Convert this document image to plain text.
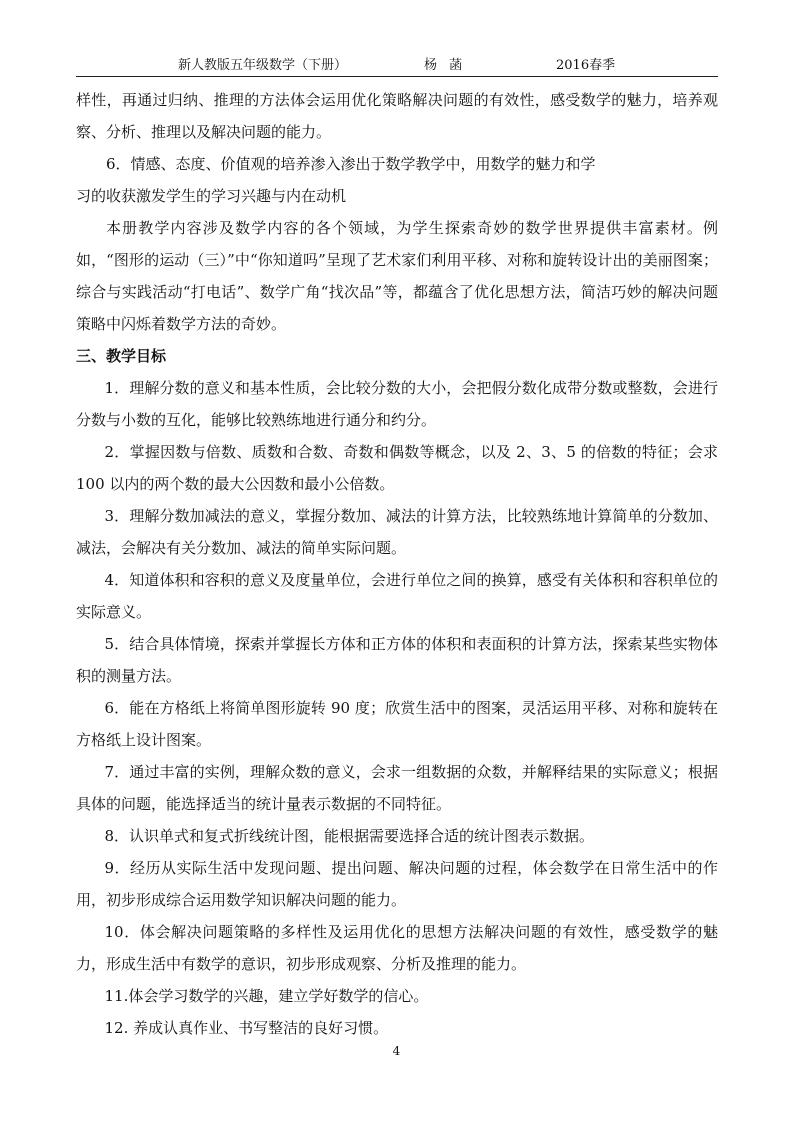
新人教版五年级数学（下册）	杨 菡	2016春季

样性，再通过归纳、推理的方法体会运用优化策略解决问题的有效性，感受数学的魅力，培养观察、分析、推理以及解决问题的能力。

6．情感、态度、价值观的培养渗入渗出于数学教学中，用数学的魅力和学

习的收获激发学生的学习兴趣与内在动机

本册教学内容涉及数学内容的各个领域，为学生探索奇妙的数学世界提供丰富素材。例如，“图形的运动（三）”中“你知道吗”呈现了艺术家们利用平移、对称和旋转设计出的美丽图案；综合与实践活动“打电话”、数学广角“找次品”等，都蕴含了优化思想方法，简洁巧妙的解决问题策略中闪烁着数学方法的奇妙。

三、教学目标

1．理解分数的意义和基本性质，会比较分数的大小，会把假分数化成带分数或整数，会进行分数与小数的互化，能够比较熟练地进行通分和约分。

2．掌握因数与倍数、质数和合数、奇数和偶数等概念，以及 2、3、5 的倍数的特征；会求 100 以内的两个数的最大公因数和最小公倍数。

3．理解分数加减法的意义，掌握分数加、减法的计算方法，比较熟练地计算简单的分数加、减法，会解决有关分数加、减法的简单实际问题。

4．知道体积和容积的意义及度量单位，会进行单位之间的换算，感受有关体积和容积单位的实际意义。

5．结合具体情境，探索并掌握长方体和正方体的体积和表面积的计算方法，探索某些实物体积的测量方法。

6．能在方格纸上将简单图形旋转 90 度；欣赏生活中的图案，灵活运用平移、对称和旋转在方格纸上设计图案。

7．通过丰富的实例，理解众数的意义，会求一组数据的众数，并解释结果的实际意义；根据具体的问题，能选择适当的统计量表示数据的不同特征。

8．认识单式和复式折线统计图，能根据需要选择合适的统计图表示数据。

9．经历从实际生活中发现问题、提出问题、解决问题的过程，体会数学在日常生活中的作用，初步形成综合运用数学知识解决问题的能力。

10．体会解决问题策略的多样性及运用优化的思想方法解决问题的有效性，感受数学的魅力，形成生活中有数学的意识，初步形成观察、分析及推理的能力。

11.体会学习数学的兴趣，建立学好数学的信心。

12. 养成认真作业、书写整洁的良好习惯。

4
